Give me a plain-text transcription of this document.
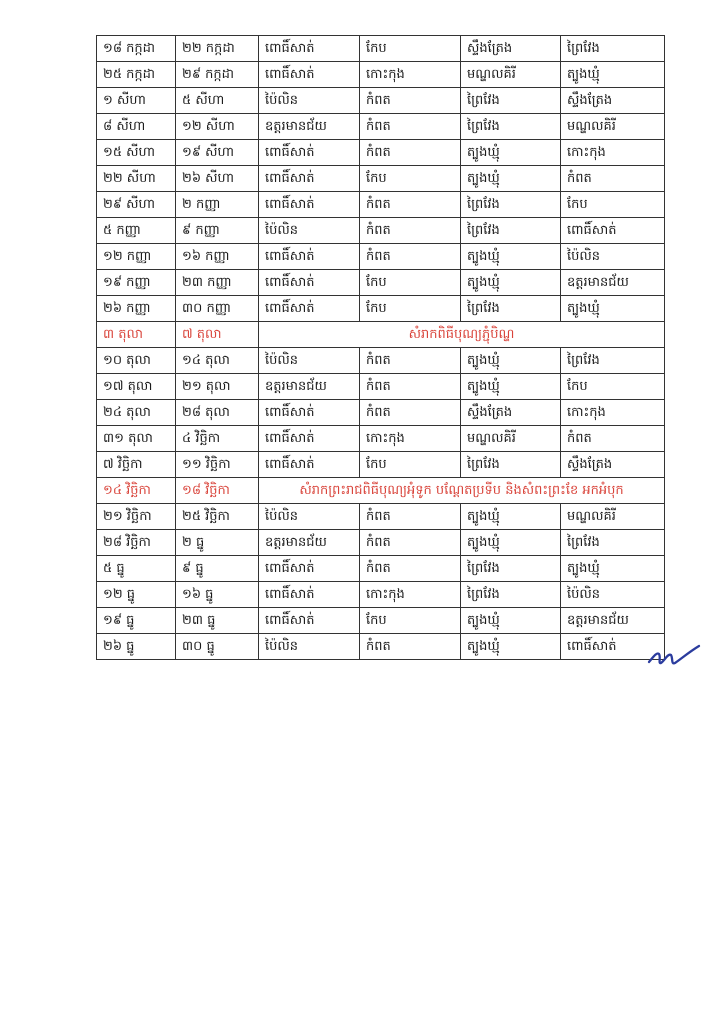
១៨ កក្កដា	២២ កក្កដា	ពោធិ៍សាត់	កែប	ស្ទឹងត្រែង	ព្រៃវែង
២៥ កក្កដា	២៩ កក្កដា	ពោធិ៍សាត់	កោះកុង	មណ្ឌលគិរី	ត្បូងឃ្មុំ
១ សីហា	៥ សីហា	ប៉ៃលិន	កំពត	ព្រៃវែង	ស្ទឹងត្រែង
៨ សីហា	១២ សីហា	ឧត្តរមានជ័យ	កំពត	ព្រៃវែង	មណ្ឌលគិរី
១៥ សីហា	១៩ សីហា	ពោធិ៍សាត់	កំពត	ត្បូងឃ្មុំ	កោះកុង
២២ សីហា	២៦ សីហា	ពោធិ៍សាត់	កែប	ត្បូងឃ្មុំ	កំពត
២៩ សីហា	២ កញ្ញា	ពោធិ៍សាត់	កំពត	ព្រៃវែង	កែប
៥ កញ្ញា	៩ កញ្ញា	ប៉ៃលិន	កំពត	ព្រៃវែង	ពោធិ៍សាត់
១២ កញ្ញា	១៦ កញ្ញា	ពោធិ៍សាត់	កំពត	ត្បូងឃ្មុំ	ប៉ៃលិន
១៩ កញ្ញា	២៣ កញ្ញា	ពោធិ៍សាត់	កែប	ត្បូងឃ្មុំ	ឧត្តរមានជ័យ
២៦ កញ្ញា	៣០ កញ្ញា	ពោធិ៍សាត់	កែប	ព្រៃវែង	ត្បូងឃ្មុំ
៣ តុលា	៧ តុលា	សំរាកពិធីបុណ្យភ្ជុំបិណ្ឌ			
១០ តុលា	១៤ តុលា	ប៉ៃលិន	កំពត	ត្បូងឃ្មុំ	ព្រៃវែង
១៧ តុលា	២១ តុលា	ឧត្តរមានជ័យ	កំពត	ត្បូងឃ្មុំ	កែប
២៤ តុលា	២៨ តុលា	ពោធិ៍សាត់	កំពត	ស្ទឹងត្រែង	កោះកុង
៣១ តុលា	៤ វិច្ឆិកា	ពោធិ៍សាត់	កោះកុង	មណ្ឌលគិរី	កំពត
៧ វិច្ឆិកា	១១ វិច្ឆិកា	ពោធិ៍សាត់	កែប	ព្រៃវែង	ស្ទឹងត្រែង
១៤ វិច្ឆិកា	១៨ វិច្ឆិកា	សំរាកព្រះរាជពិធីបុណ្យអុំទូក បណ្តែតប្រទីប និងសំពះព្រះខែ អកអំបុក			
២១ វិច្ឆិកា	២៥ វិច្ឆិកា	ប៉ៃលិន	កំពត	ត្បូងឃ្មុំ	មណ្ឌលគិរី
២៨ វិច្ឆិកា	២ ធ្នូ	ឧត្តរមានជ័យ	កំពត	ត្បូងឃ្មុំ	ព្រៃវែង
៥ ធ្នូ	៩ ធ្នូ	ពោធិ៍សាត់	កំពត	ព្រៃវែង	ត្បូងឃ្មុំ
១២ ធ្នូ	១៦ ធ្នូ	ពោធិ៍សាត់	កោះកុង	ព្រៃវែង	ប៉ៃលិន
១៩ ធ្នូ	២៣ ធ្នូ	ពោធិ៍សាត់	កែប	ត្បូងឃ្មុំ	ឧត្តរមានជ័យ
២៦ ធ្នូ	៣០ ធ្នូ	ប៉ៃលិន	កំពត	ត្បូងឃ្មុំ	ពោធិ៍សាត់
